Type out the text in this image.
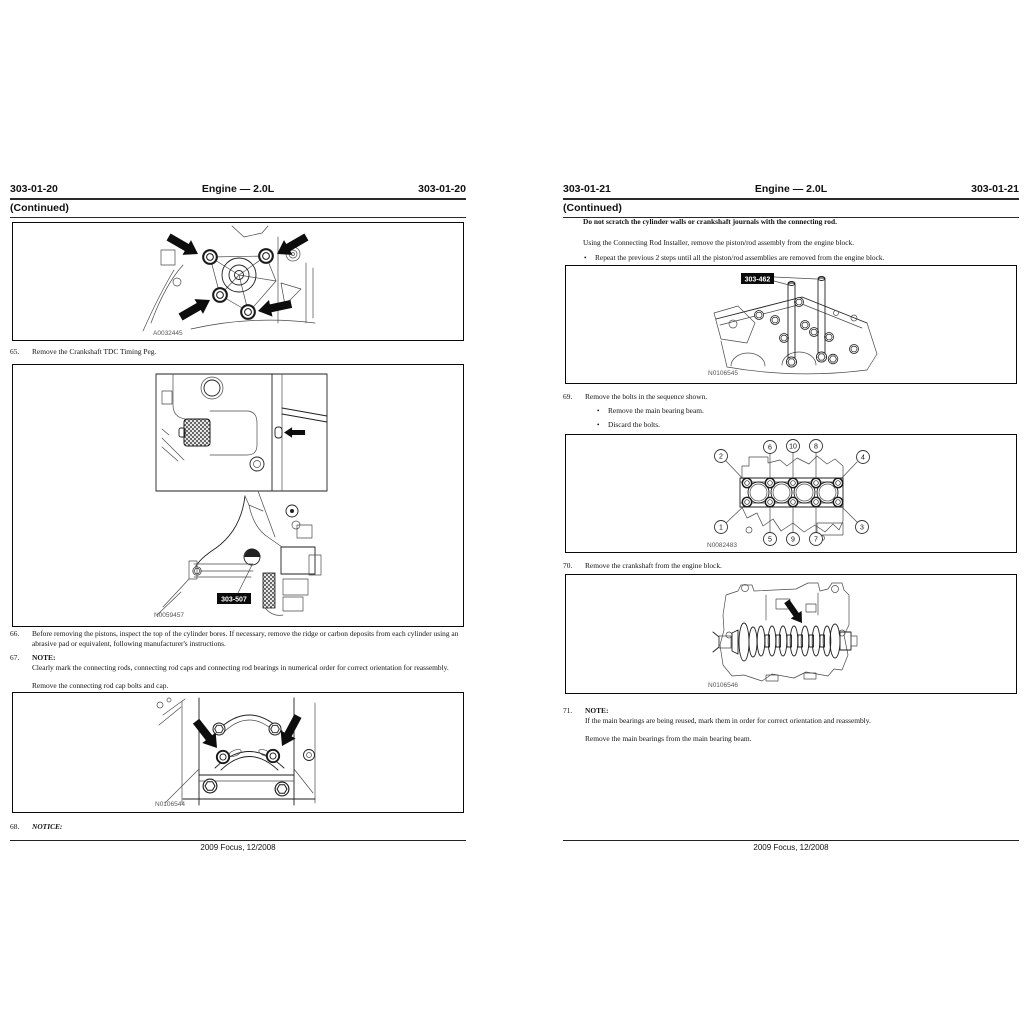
303-01-20	Engine — 2.0L	303-01-20
(Continued)
A0032445
65.	Remove the Crankshaft TDC Timing Peg.
303-507
N0059457
66.	Before removing the pistons, inspect the top of the cylinder bores. If necessary, remove the ridge or carbon deposits from each cylinder using an abrasive pad or equivalent, following manufacturer's instructions.
67.	NOTE:
Clearly mark the connecting rods, connecting rod caps and connecting rod bearings in numerical order for correct orientation for reassembly.
Remove the connecting rod cap bolts and cap.
N0106544
68.	NOTICE:
2009 Focus, 12/2008
303-01-21	Engine — 2.0L	303-01-21
(Continued)
Do not scratch the cylinder walls or crankshaft journals with the connecting rod.
Using the Connecting Rod Installer, remove the piston/rod assembly from the engine block.
•	Repeat the previous 2 steps until all the piston/rod assemblies are removed from the engine block.
303-462
N0106545
69.	Remove the bolts in the sequence shown.
•	Remove the main bearing beam.
•	Discard the bolts.
2
6 10 8
4
1
5	9	7
3
N0082483
70.	Remove the crankshaft from the engine block.
N0106546
71.	NOTE:
If the main bearings are being reused, mark them in order for correct orientation and reassembly.
Remove the main bearings from the main bearing beam.
2009 Focus, 12/2008
